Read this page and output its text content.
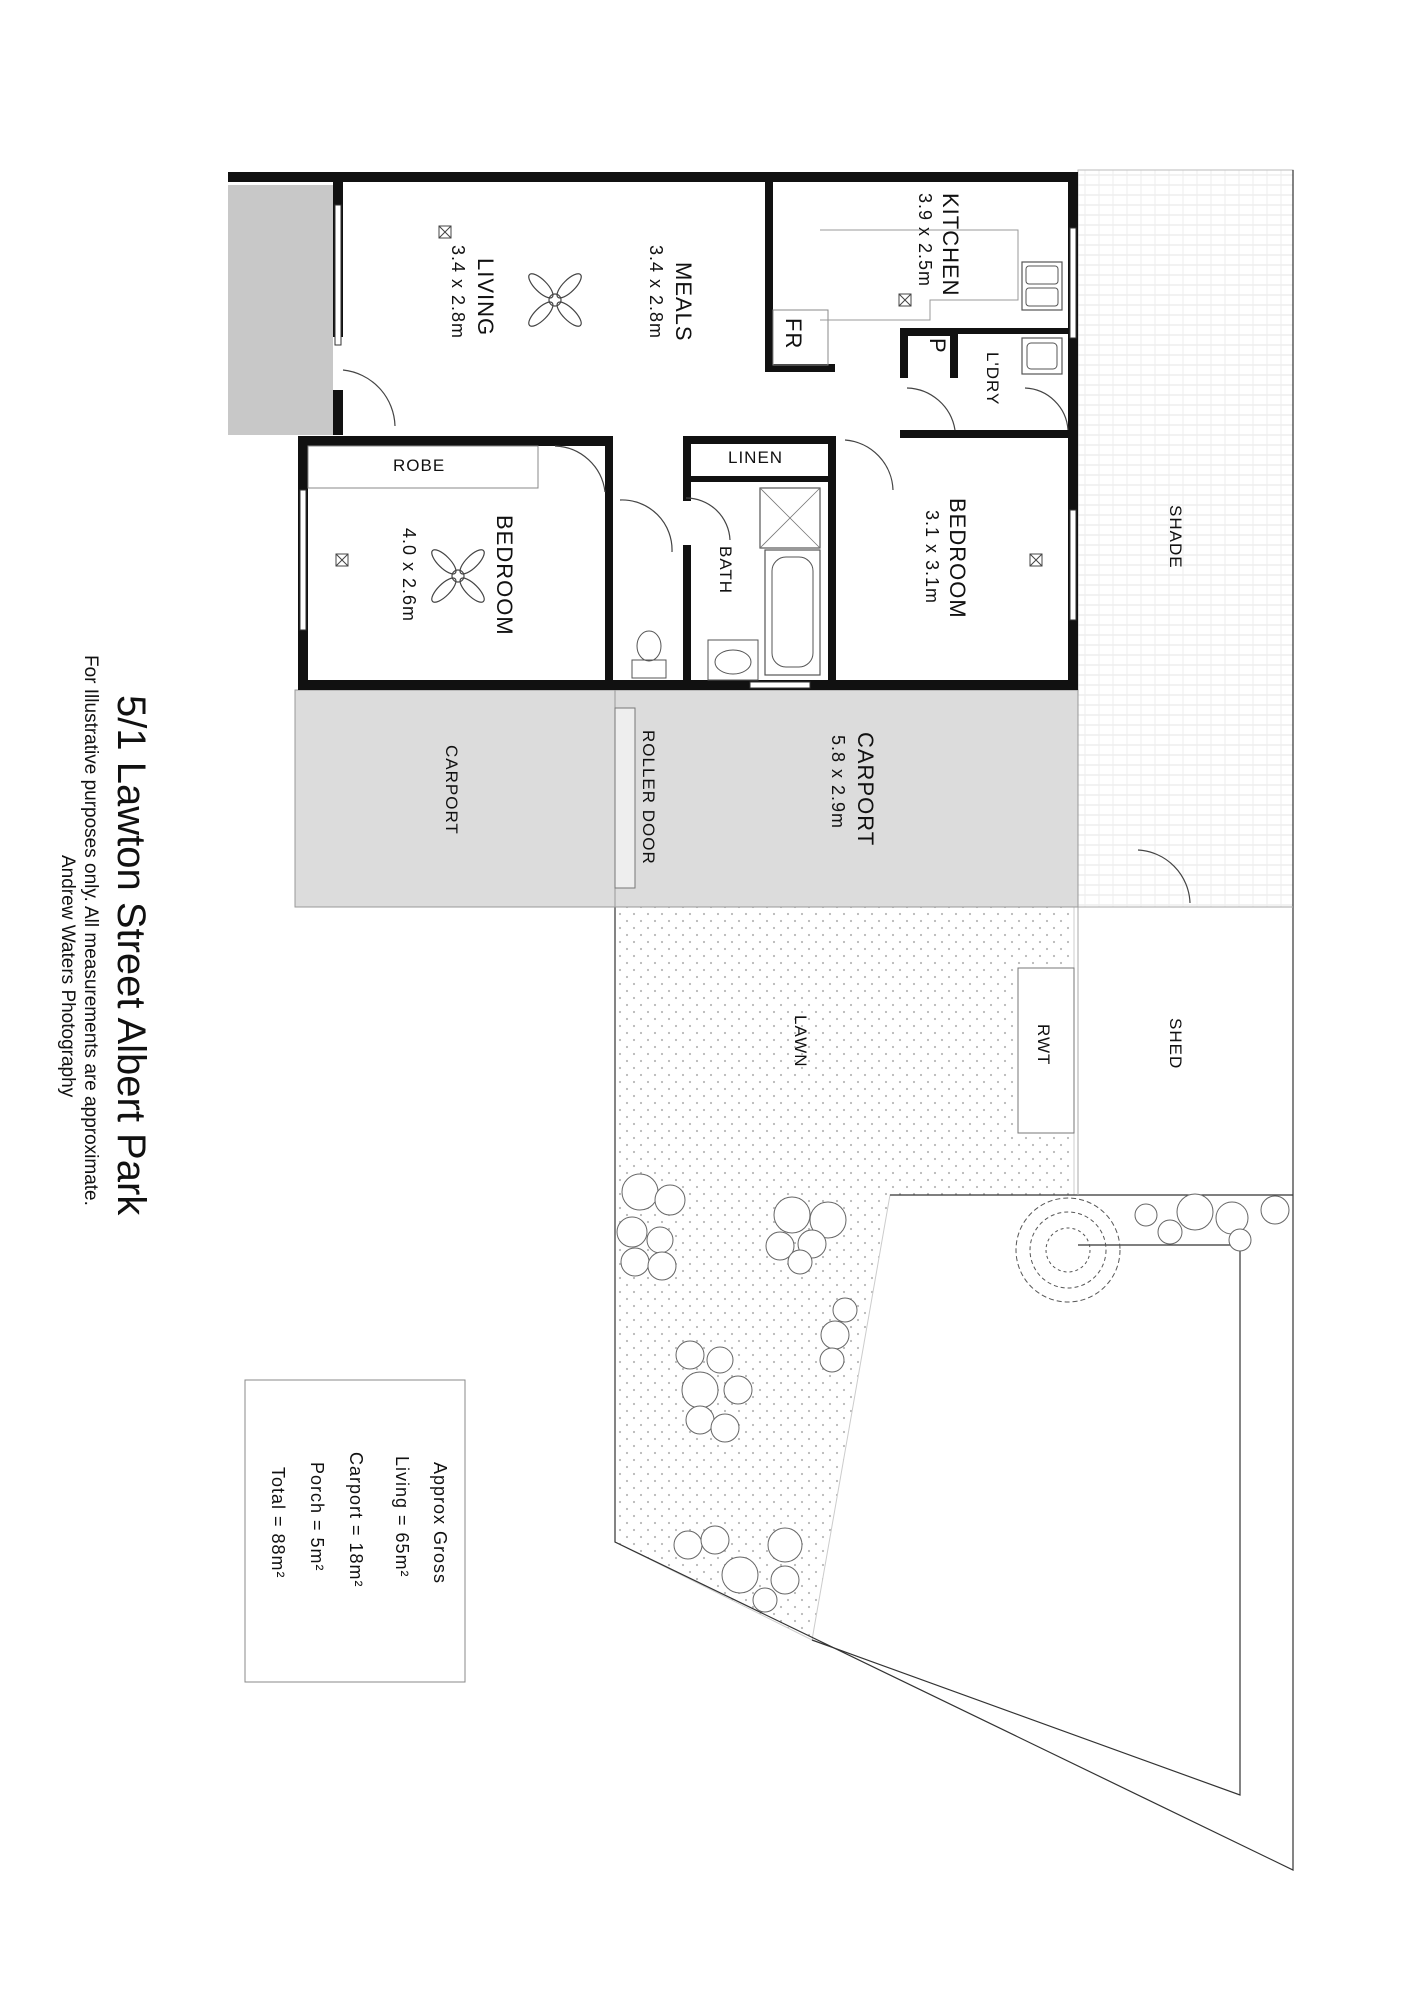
KITCHEN
3.9 x 2.5m
MEALS
3.4 x 2.8m
LIVING
3.4 x 2.8m	FR	P
L'DRY
LINEN
ROBE
BEDROOM
4.0 x 2.6m	BEDROOM
3.1 x 3.1m
BATH
CARPORT
5.8 x 2.9m
CARPORT	ROLLER DOOR
SHADE
LAWN	RWT	SHED
Approx Gross
Living = 65m²
Carport = 18m²
Porch = 5m²
Total = 88m²
5/1 Lawton Street Albert Park
For Illustrative purposes only. All measurements are approximate.
Andrew Waters Photography
